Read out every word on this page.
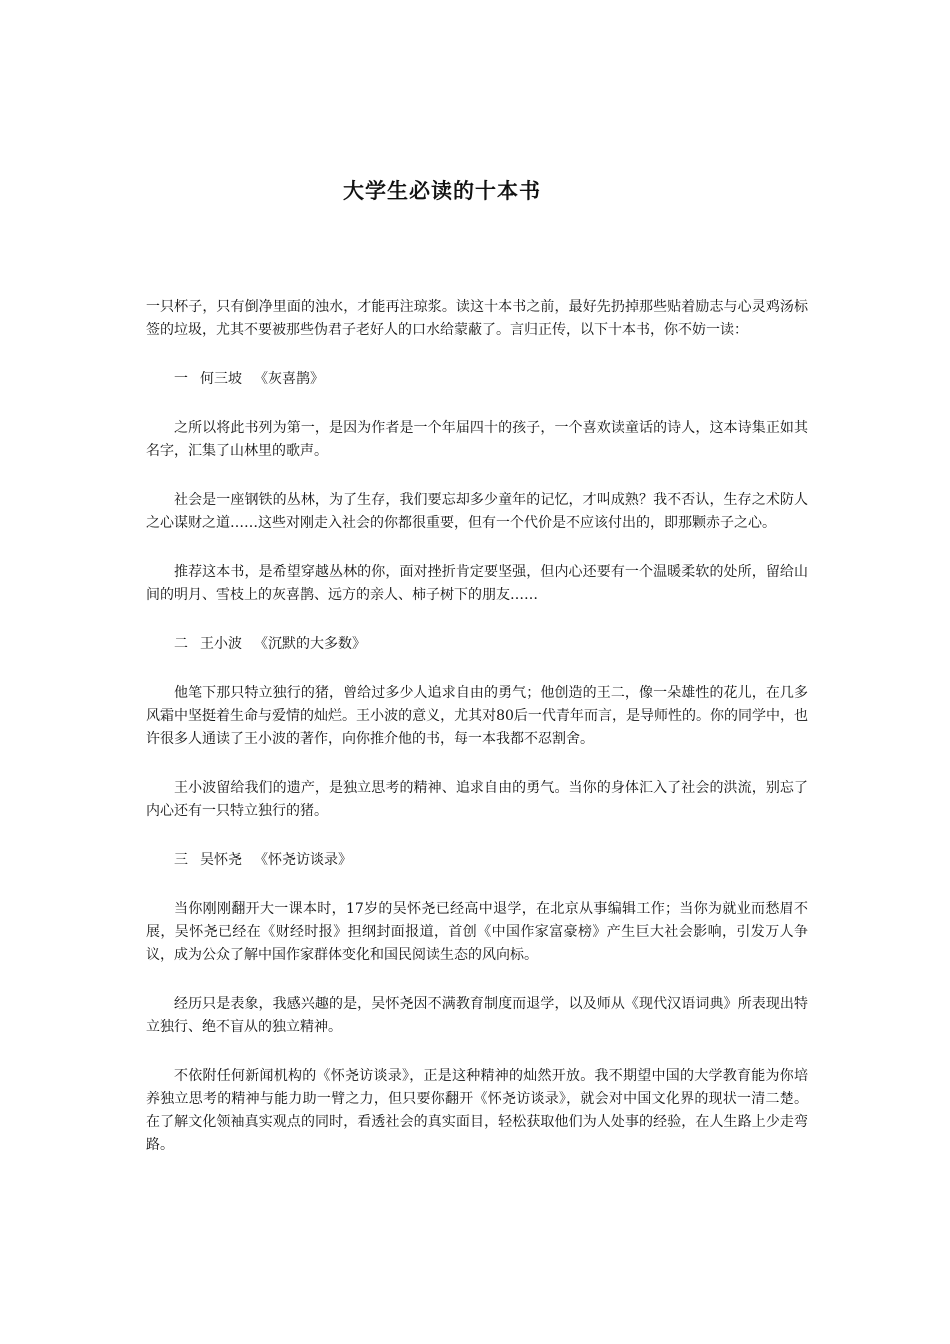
大学生必读的十本书

一只杯子，只有倒净里面的浊水，才能再注琼浆。读这十本书之前，最好先扔掉那些贴着励志与心灵鸡汤标签的垃圾，尤其不要被那些伪君子老好人的口水给蒙蔽了。言归正传，以下十本书，你不妨一读：

一 何三坡 《灰喜鹊》

之所以将此书列为第一，是因为作者是一个年届四十的孩子，一个喜欢读童话的诗人，这本诗集正如其名字，汇集了山林里的歌声。

社会是一座钢铁的丛林，为了生存，我们要忘却多少童年的记忆，才叫成熟？我不否认，生存之术防人之心谋财之道……这些对刚走入社会的你都很重要，但有一个代价是不应该付出的，即那颗赤子之心。

推荐这本书，是希望穿越丛林的你，面对挫折肯定要坚强，但内心还要有一个温暖柔软的处所，留给山间的明月、雪枝上的灰喜鹊、远方的亲人、柿子树下的朋友……

二 王小波 《沉默的大多数》

他笔下那只特立独行的猪，曾给过多少人追求自由的勇气；他创造的王二，像一朵雄性的花儿，在几多风霜中坚挺着生命与爱情的灿烂。王小波的意义，尤其对80后一代青年而言，是导师性的。你的同学中，也许很多人通读了王小波的著作，向你推介他的书，每一本我都不忍割舍。

王小波留给我们的遗产，是独立思考的精神、追求自由的勇气。当你的身体汇入了社会的洪流，别忘了内心还有一只特立独行的猪。

三 吴怀尧 《怀尧访谈录》

当你刚刚翻开大一课本时，17岁的吴怀尧已经高中退学，在北京从事编辑工作；当你为就业而愁眉不展，吴怀尧已经在《财经时报》担纲封面报道，首创《中国作家富豪榜》产生巨大社会影响，引发万人争议，成为公众了解中国作家群体变化和国民阅读生态的风向标。

经历只是表象，我感兴趣的是，吴怀尧因不满教育制度而退学，以及师从《现代汉语词典》所表现出特立独行、绝不盲从的独立精神。

不依附任何新闻机构的《怀尧访谈录》，正是这种精神的灿然开放。我不期望中国的大学教育能为你培养独立思考的精神与能力助一臂之力，但只要你翻开《怀尧访谈录》，就会对中国文化界的现状一清二楚。在了解文化领袖真实观点的同时，看透社会的真实面目，轻松获取他们为人处事的经验，在人生路上少走弯路。
